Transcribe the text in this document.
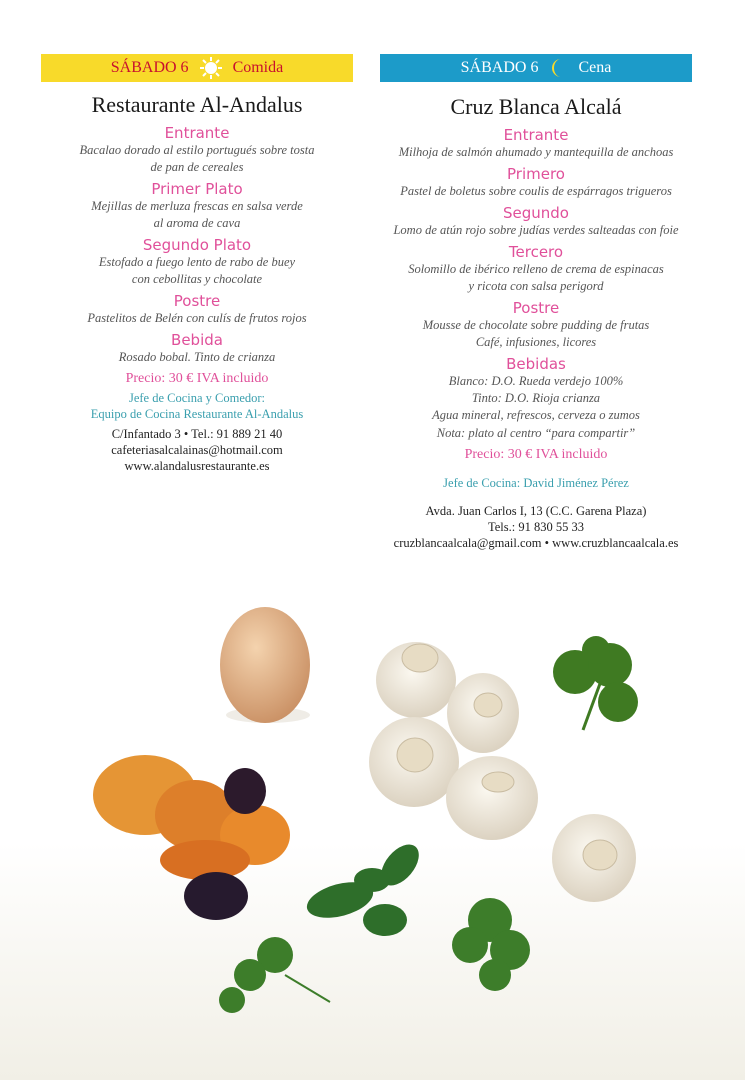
SÁBADO 6	Comida
Restaurante Al-Andalus
Entrante
Bacalao dorado al estilo portugués sobre tosta
de pan de cereales
Primer Plato
Mejillas de merluza frescas en salsa verde
al aroma de cava
Segundo Plato
Estofado a fuego lento de rabo de buey
con cebollitas y chocolate
Postre
Pastelitos de Belén con culís de frutos rojos
Bebida
Rosado bobal. Tinto de crianza
Precio: 30 € IVA incluido
Jefe de Cocina y Comedor:
Equipo de Cocina Restaurante Al-Andalus
C/Infantado 3 • Tel.: 91 889 21 40
cafeteriasalcalainas@hotmail.com
www.alandalusrestaurante.es
SÁBADO 6	Cena
Cruz Blanca Alcalá
Entrante
Milhoja de salmón ahumado y mantequilla de anchoas
Primero
Pastel de boletus sobre coulis de espárragos trigueros
Segundo
Lomo de atún rojo sobre judías verdes salteadas con foie
Tercero
Solomillo de ibérico relleno de crema de espinacas
y ricota con salsa perigord
Postre
Mousse de chocolate sobre pudding de frutas
Café, infusiones, licores
Bebidas
Blanco: D.O. Rueda verdejo 100%
Tinto: D.O. Rioja crianza
Agua mineral, refrescos, cerveza o zumos
Nota: plato al centro “para compartir”
Precio: 30 € IVA incluido
Jefe de Cocina: David Jiménez Pérez
Avda. Juan Carlos I, 13 (C.C. Garena Plaza)
Tels.: 91 830 55 33
cruzblancaalcala@gmail.com • www.cruzblancaalcala.es
